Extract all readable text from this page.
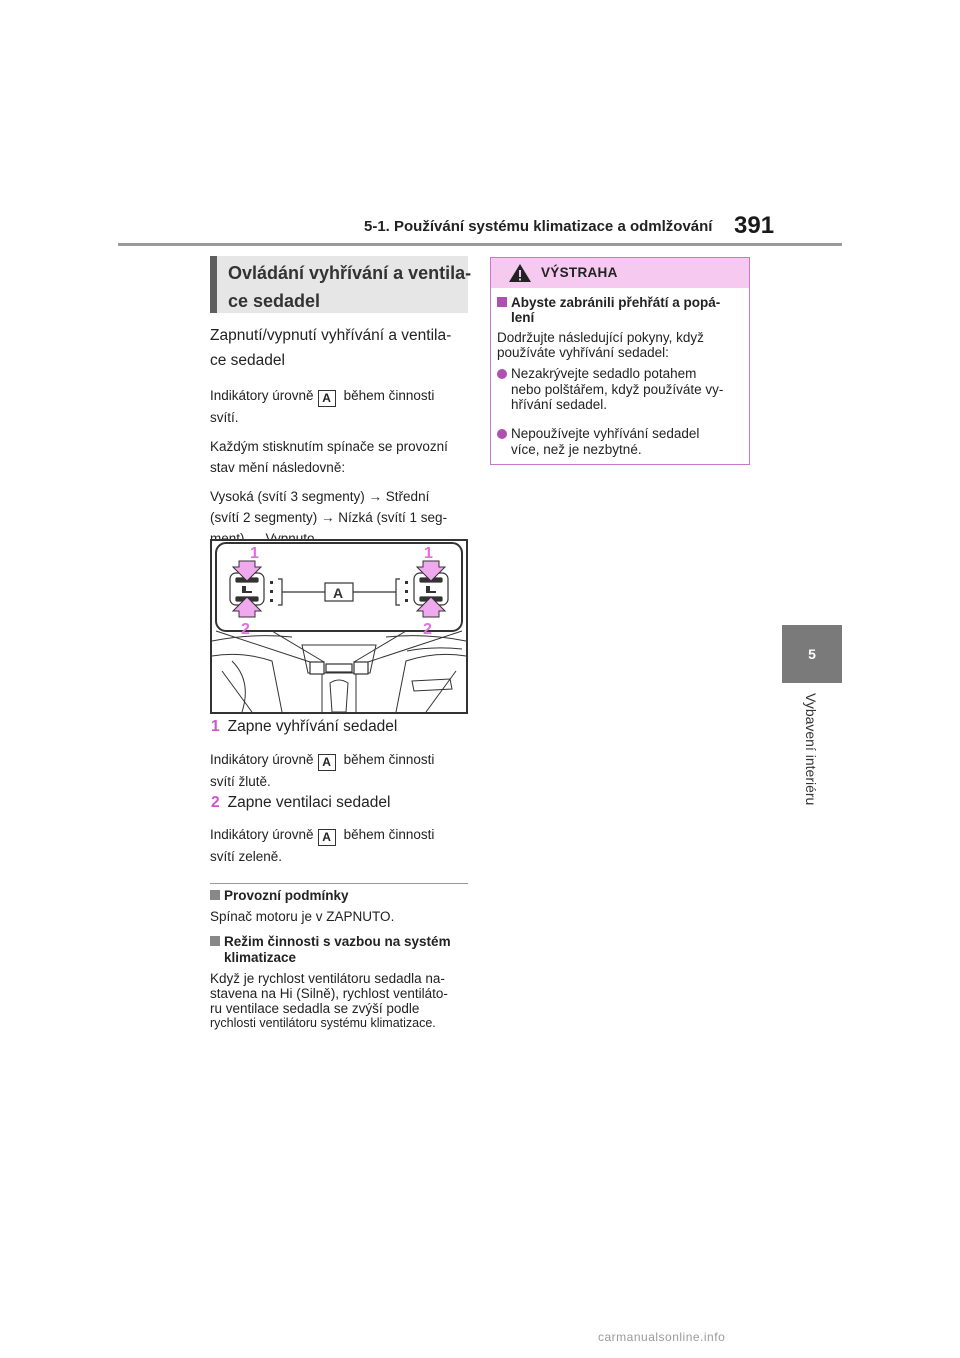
5-1. Používání systému klimatizace a odmlžování 391
5
Vybavení interiéru
Ovládání vyhřívání a ventila-
ce sedadel
Zapnutí/vypnutí vyhřívání a ventila-
ce sedadel
Indikátory úrovně A během činnosti
svítí.
Každým stisknutím spínače se provozní
stav mění následovně:
Vysoká (svítí 3 segmenty) → Střední
(svítí 2 segmenty) → Nízká (svítí 1 seg-
1	1
2	2
A
1 Zapne vyhřívání sedadel
Indikátory úrovně A během činnosti
svítí žlutě.
2 Zapne ventilaci sedadel
Indikátory úrovně A během činnosti
svítí zeleně.
Provozní podmínky
Spínač motoru je v ZAPNUTO.
Režim činnosti s vazbou na systém
klimatizace
Když je rychlost ventilátoru sedadla na-
stavena na Hi (Silně), rychlost ventiláto-
ru ventilace sedadla se zvýší podle
rychlosti ventilátoru systému klimatizace.
VÝSTRAHA
Abyste zabránili přehřátí a popá-
lení
Dodržujte následující pokyny, když
používáte vyhřívání sedadel:
Nezakrývejte sedadlo potahem
nebo polštářem, když používáte vy-
hřívání sedadel.
Nepoužívejte vyhřívání sedadel
více, než je nezbytné.
carmanualsonline.info
